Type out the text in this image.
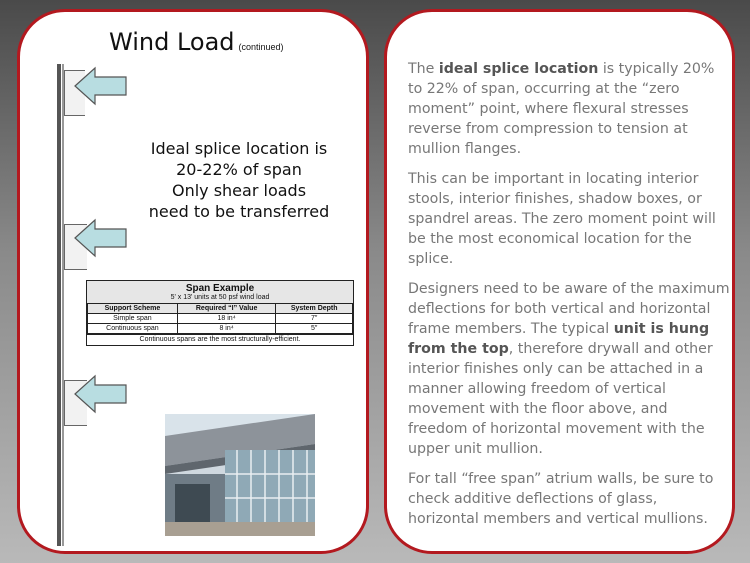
Wind Load (continued)
Ideal splice location is
20-22% of span
Only shear loads
need to be transferred
Span Example
5' x 13' units at 50 psf wind load
Support Scheme	Required “I” Value	System Depth
Simple span	18 in⁴	7″
Continuous span	8 in⁴	5″
Continuous spans are the most structurally-efficient.

The ideal splice location is typically 20% to 22% of span, occurring at the “zero moment” point, where flexural stresses reverse from compression to tension at mullion flanges.

This can be important in locating interior stools, interior finishes, shadow boxes, or spandrel areas. The zero moment point will be the most economical location for the splice.

Designers need to be aware of the maximum deflections for both vertical and horizontal frame members. The typical unit is hung from the top, therefore drywall and other interior finishes only can be attached in a manner allowing freedom of vertical movement with the floor above, and freedom of horizontal movement with the upper unit mullion.

For tall “free span” atrium walls, be sure to check additive deflections of glass, horizontal members and vertical mullions.
